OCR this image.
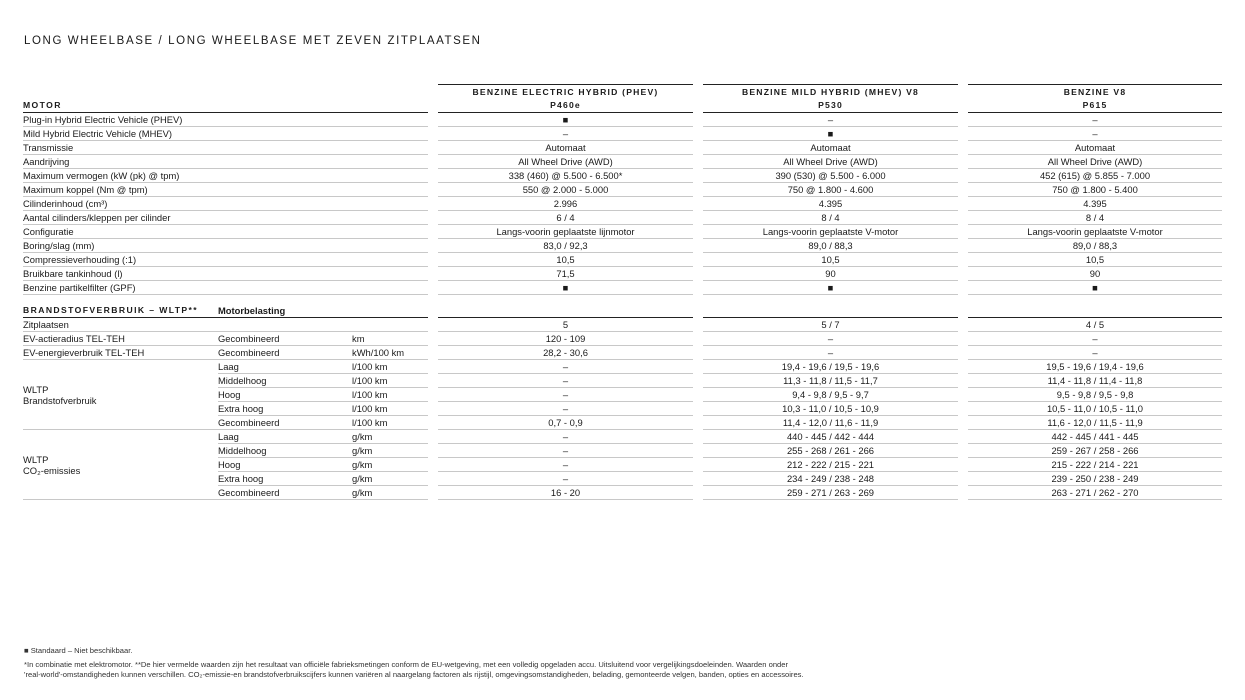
LONG WHEELBASE / LONG WHEELBASE MET ZEVEN ZITPLAATSEN
				BENZINE ELECTRIC HYBRID (PHEV)		BENZINE MILD HYBRID (MHEV) V8		BENZINE V8
MOTOR				P460e		P530		P615
Plug-in Hybrid Electric Vehicle (PHEV)				■		–		–
Mild Hybrid Electric Vehicle (MHEV)				–		■		–
Transmissie				Automaat		Automaat		Automaat
Aandrijving				All Wheel Drive (AWD)		All Wheel Drive (AWD)		All Wheel Drive (AWD)
Maximum vermogen (kW (pk) @ tpm)				338 (460) @ 5.500 - 6.500*		390 (530) @ 5.500 - 6.000		452 (615) @ 5.855 - 7.000
Maximum koppel (Nm @ tpm)				550 @ 2.000 - 5.000		750 @ 1.800 - 4.600		750 @ 1.800 - 5.400
Cilinderinhoud (cm³)				2.996		4.395		4.395
Aantal cilinders/kleppen per cilinder				6 / 4		8 / 4		8 / 4
Configuratie				Langs-voorin geplaatste lijnmotor		Langs-voorin geplaatste V-motor		Langs-voorin geplaatste V-motor
Boring/slag (mm)				83,0 / 92,3		89,0 / 88,3		89,0 / 88,3
Compressieverhouding (:1)				10,5		10,5		10,5
Bruikbare tankinhoud (l)				71,5		90		90
Benzine partikelfilter (GPF)				■		■		■

BRANDSTOFVERBRUIK – WLTP**	Motorbelasting							
Zitplaatsen				5		5 / 7		4 / 5
EV-actieradius TEL-TEH	Gecombineerd	km		120 - 109		–		–
EV-energieverbruik TEL-TEH	Gecombineerd	kWh/100 km		28,2 - 30,6		–		–

WLTP
Brandstofverbruik	Laag	l/100 km		–		19,4 - 19,6 / 19,5 - 19,6		19,5 - 19,6 / 19,4 - 19,6
	Middelhoog	l/100 km		–		11,3 - 11,8 / 11,5 - 11,7		11,4 - 11,8 / 11,4 - 11,8
	Hoog	l/100 km		–		9,4 - 9,8 / 9,5 - 9,7		9,5 - 9,8 / 9,5 - 9,8
	Extra hoog	l/100 km		–		10,3 - 11,0 / 10,5 - 10,9		10,5 - 11,0 / 10,5 - 11,0
	Gecombineerd	l/100 km		0,7 - 0,9		11,4 - 12,0 / 11,6 - 11,9		11,6 - 12,0 / 11,5 - 11,9

WLTP
CO₂-emissies	Laag	g/km		–		440 - 445 / 442 - 444		442 - 445 / 441 - 445
	Middelhoog	g/km		–		255 - 268 / 261 - 266		259 - 267 / 258 - 266
	Hoog	g/km		–		212 - 222 / 215 - 221		215 - 222 / 214 - 221
	Extra hoog	g/km		–		234 - 249 / 238 - 248		239 - 250 / 238 - 249
	Gecombineerd	g/km		16 - 20		259 - 271 / 263 - 269		263 - 271 / 262 - 270
■ Standaard – Niet beschikbaar.
*In combinatie met elektromotor. **De hier vermelde waarden zijn het resultaat van officiële fabrieksmetingen conform de EU-wetgeving, met een volledig opgeladen accu. Uitsluitend voor vergelijkingsdoeleinden. Waarden onder
'real-world'-omstandigheden kunnen verschillen. CO₂-emissie-en brandstofverbruikscijfers kunnen variëren al naargelang factoren als rijstijl, omgevingsomstandigheden, belading, gemonteerde velgen, banden, opties en accessoires.
